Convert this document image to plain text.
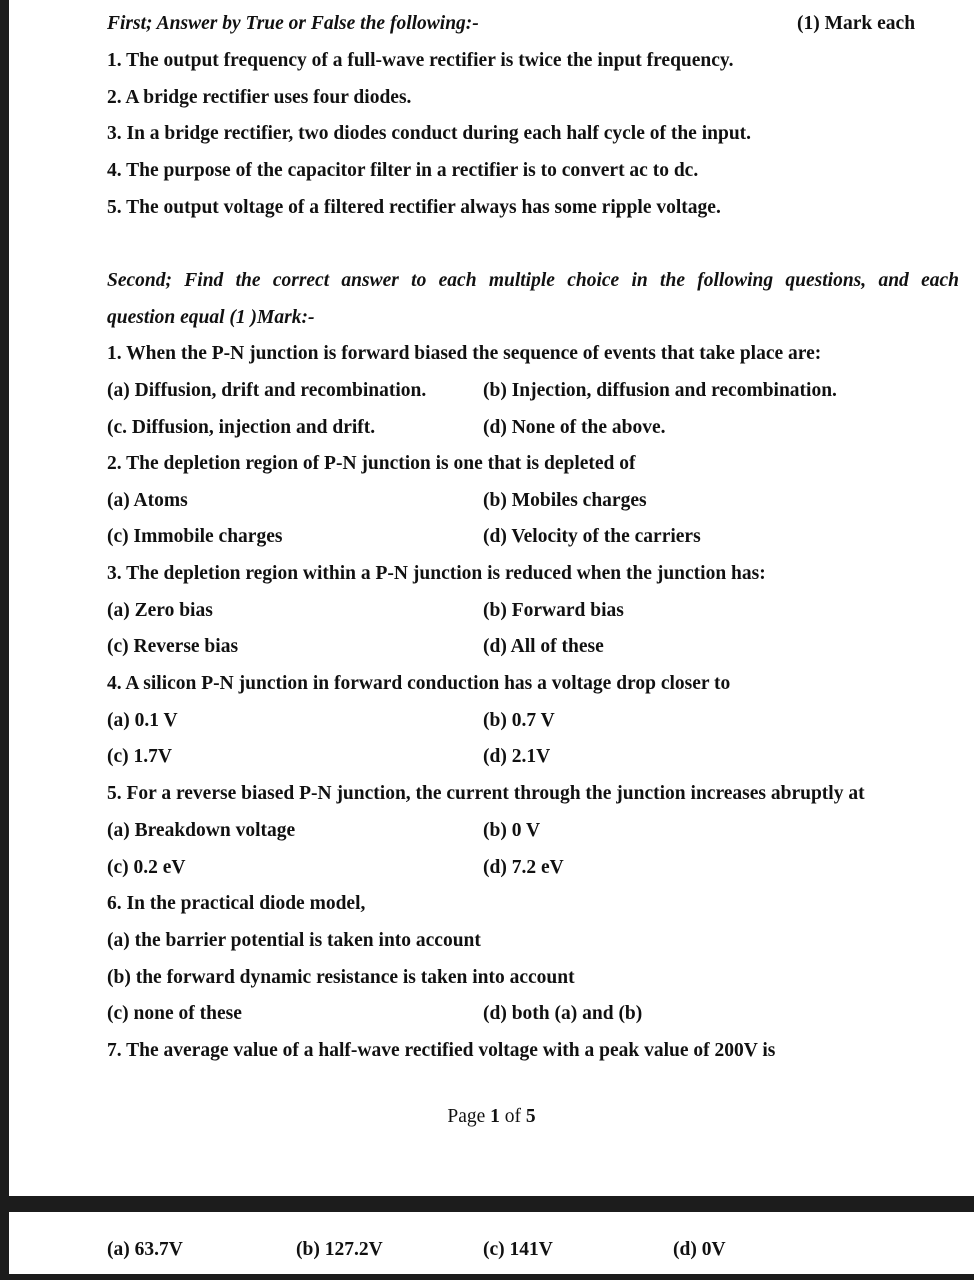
First; Answer by True or False the following:-	(1) Mark each
1. The output frequency of a full-wave rectifier is twice the input frequency.
2. A bridge rectifier uses four diodes.
3. In a bridge rectifier, two diodes conduct during each half cycle of the input.
4. The purpose of the capacitor filter in a rectifier is to convert ac to dc.
5. The output voltage of a filtered rectifier always has some ripple voltage.
Second; Find the correct answer to each multiple choice in the following questions, and each
question equal (1 )Mark:-
1. When the P-N junction is forward biased the sequence of events that take place are:
(a) Diffusion, drift and recombination.	(b) Injection, diffusion and recombination.
(c. Diffusion, injection and drift.	(d) None of the above.
2. The depletion region of P-N junction is one that is depleted of
(a) Atoms	(b) Mobiles charges
(c) Immobile charges	(d) Velocity of the carriers
3. The depletion region within a P-N junction is reduced when the junction has:
(a) Zero bias	(b) Forward bias
(c) Reverse bias	(d) All of these
4. A silicon P-N junction in forward conduction has a voltage drop closer to
(a) 0.1 V	(b) 0.7 V
(c) 1.7V	(d) 2.1V
5. For a reverse biased P-N junction, the current through the junction increases abruptly at
(a) Breakdown voltage	(b) 0 V
(c) 0.2 eV	(d) 7.2 eV
6. In the practical diode model,
(a) the barrier potential is taken into account
(b) the forward dynamic resistance is taken into account
(c) none of these	(d) both (a) and (b)
7. The average value of a half-wave rectified voltage with a peak value of 200V is
Page 1 of 5
(a) 63.7V	(b) 127.2V	(c) 141V	(d) 0V
